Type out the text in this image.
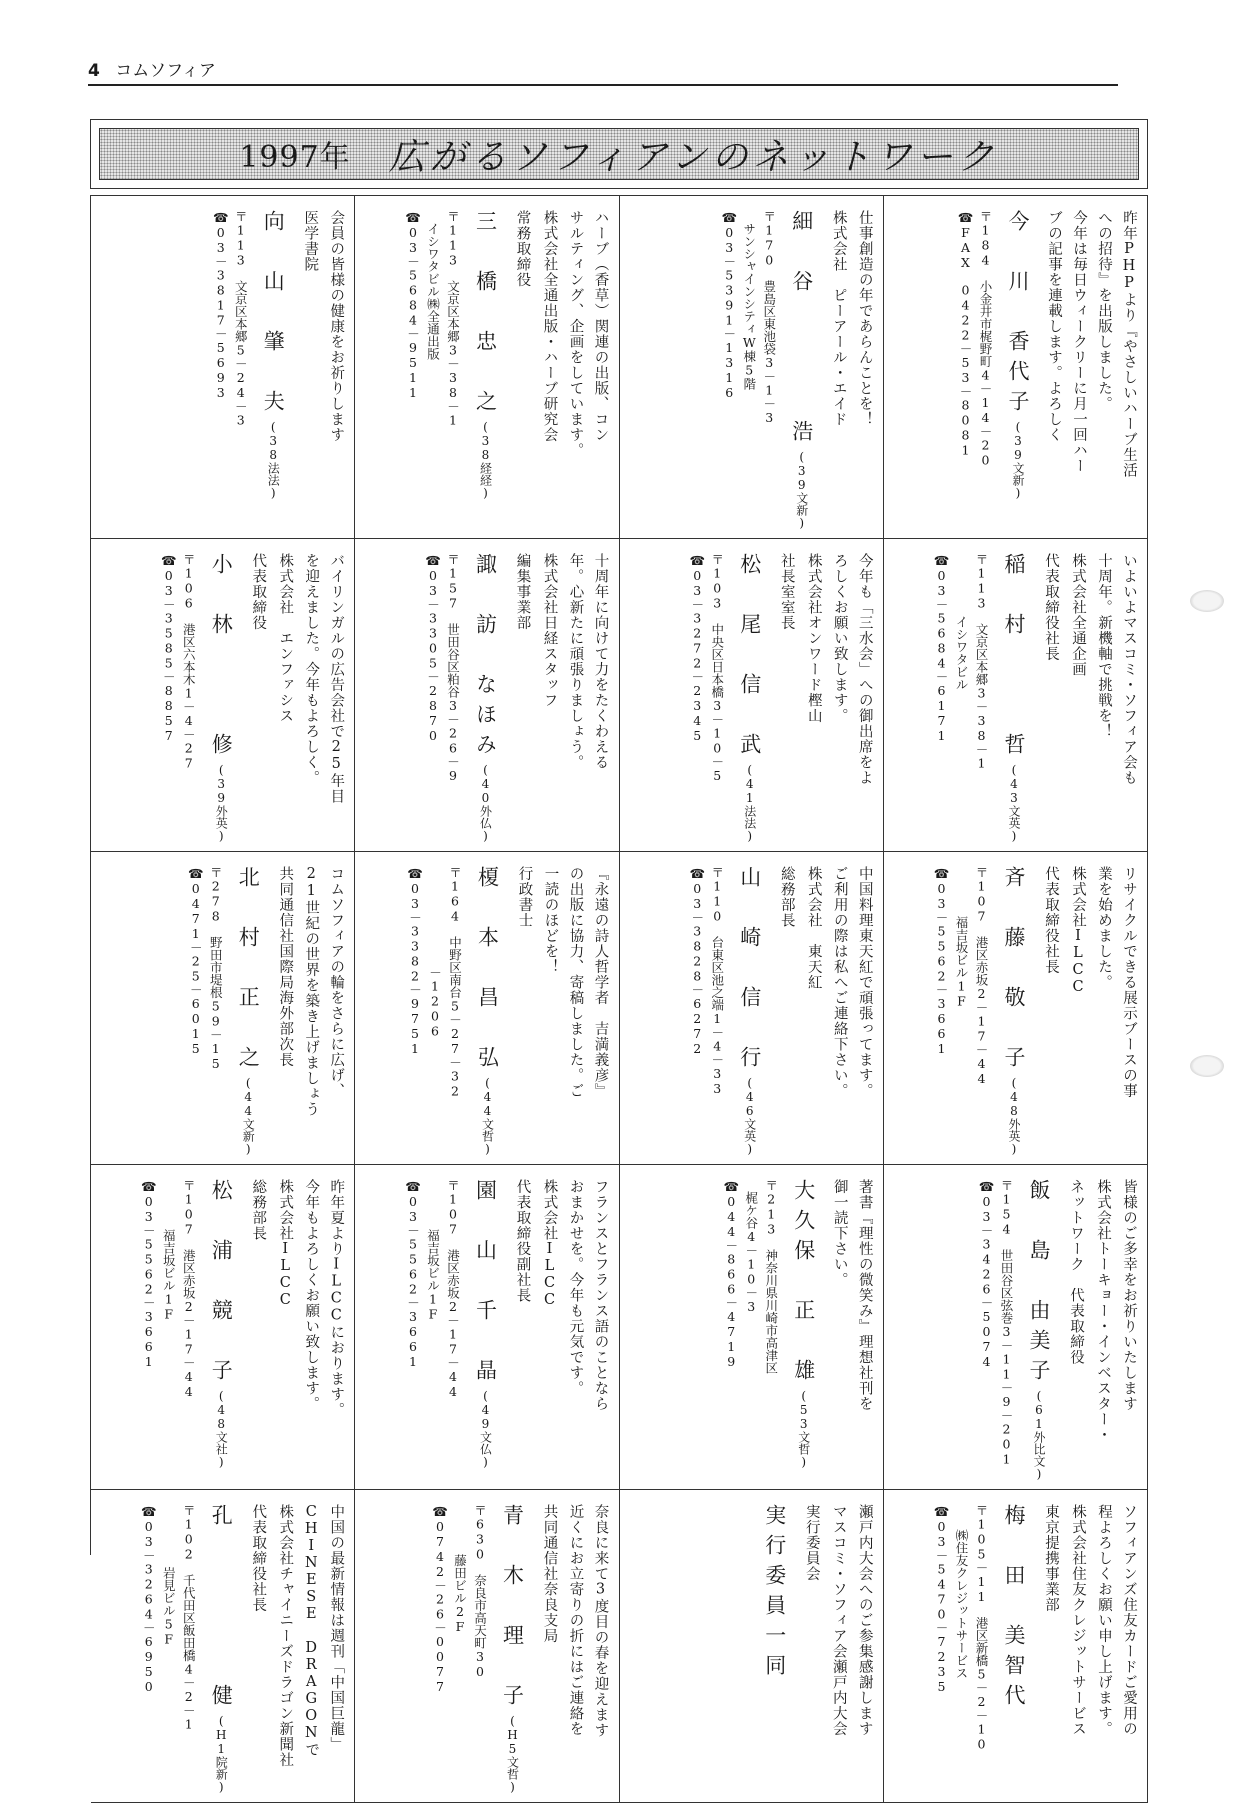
4 コムソフィア
1997年 広がるソフィアンのネットワーク
昨年PHPより『やさしいハーブ生活
への招待』を出版しました。
今年は毎日ウィークリーに月一回ハー
ブの記事を連載します。よろしく
今　川　香代子(39文新)
〒184　小金井市梶野町4－14－20
☎FAX　0422－53－8081
仕事創造の年であらんことを！
株式会社　ピーアール・エイド
細　谷　　　　浩(39文新)
〒170　豊島区東池袋3－1－3
　サンシャインシティW棟5階
☎03－5391－1316
ハーブ（香草）関連の出版、コン
サルティング、企画をしています。
株式会社全通出版・ハーブ研究会
常務取締役
三　橋　忠　之(38経経)
〒113　文京区本郷3－38－1
　イシワタビル㈱全通出版
☎03－5684－9511
会員の皆様の健康をお祈りします
医学書院
向　山　肇　夫(38法法)
〒113　文京区本郷5－24－3
☎03－3817－5693
いよいよマスコミ・ソフィア会も
十周年。新機軸で挑戦を！
株式会社全通企画
代表取締役社長
稲　村　　　哲(43文英)
〒113　文京区本郷3－38－1
　　　　　イシワタビル
☎03－5684－6171
今年も「三水会」への御出席をよ
ろしくお願い致します。
株式会社オンワード樫山
社長室室長
松　尾　信　武(41法法)
〒103　中央区日本橋3－10－5
☎03－3272－2345
十周年に向けて力をたくわえる
年。心新たに頑張りましょう。
株式会社日経スタッフ
編集事業部
諏　訪　なほみ(40外仏)
〒157　世田谷区粕谷3－26－9
☎03－3305－2870
バイリンガルの広告会社で25年目
を迎えました。今年もよろしく。
株式会社　エンファシス
代表取締役
小　林　　　修(39外英)
〒106　港区六本木1－4－27
☎03－3585－8857
リサイクルできる展示ブースの事
業を始めました。
株式会社ILCC
代表取締役社長
斉　藤　敬　子(48外英)
〒107　港区赤坂2－17－44
　　　　福吉坂ビル1F
☎03－5562－3661
中国料理東天紅で頑張ってます。
ご利用の際は私へご連絡下さい。
株式会社　東天紅
総務部長
山　崎　信　行(46文英)
〒110　台東区池之端1－4－33
☎03－3828－6272
『永遠の詩人哲学者　吉満義彦』
の出版に協力、寄稿しました。ご
一読のほどを！
行政書士
榎　本　昌　弘(44文哲)
〒164　中野区南台5－27－32
　　　　　　　　－1206
☎03－3382－9751
コムソフィアの輪をさらに広げ、
21世紀の世界を築き上げましょう
共同通信社国際局海外部次長
北　村　正　之(44文新)
〒278　野田市堤根59－15
☎0471－25－6015
皆様のご多幸をお祈りいたします
株式会社トーキョー・インベスター・
ネットワーク　代表取締役
飯　島　由美子(61外比文)
〒154　世田谷区弦巻3－11－9－201
☎03－3426－5074
著書『理性の微笑み』理想社刊を
御一読下さい。
大久保　正　雄(53文哲)
〒213　神奈川県川崎市高津区
　梶ケ谷4－10－3
☎044－866－4719
フランスとフランス語のことなら
おまかせを。今年も元気です。
株式会社ILCC
代表取締役副社長
園　山　千　晶(49文仏)
〒107　港区赤坂2－17－44
　　　　福吉坂ビル1F
☎03－5562－3661
昨年夏よりILCCにおります。
今年もよろしくお願い致します。
株式会社ILCC
総務部長
松　浦　競　子(48文社)
〒107　港区赤坂2－17－44
　　　　福吉坂ビル1F
☎03－5562－3661
ソフィアンズ住友カードご愛用の
程よろしくお願い申し上げます。
株式会社住友クレジットサービス
東京提携事業部
梅　田　美智代
〒105－11　港区新橋5－2－10
　　㈱住友クレジットサービス
☎03－5470－7235
瀬戸内大会へのご参集感謝します
マスコミ・ソフィア会瀬戸内大会
実行委員会
実行委員一同
奈良に来て3度目の春を迎えます
近くにお立寄りの折にはご連絡を
共同通信社奈良支局
青　木　理　子(H5文哲)
〒630　奈良市高天町30
　　　　藤田ビル2F
☎0742－26－0077
中国の最新情報は週刊「中国巨龍」
CHINESE DRAGONで
株式会社チャイニーズドラゴン新聞社
代表取締役社長
孔　　　　　健(H1院新)
〒102　千代田区飯田橋4－2－1
　　　　　岩見ビル5F
☎03－3264－6950
